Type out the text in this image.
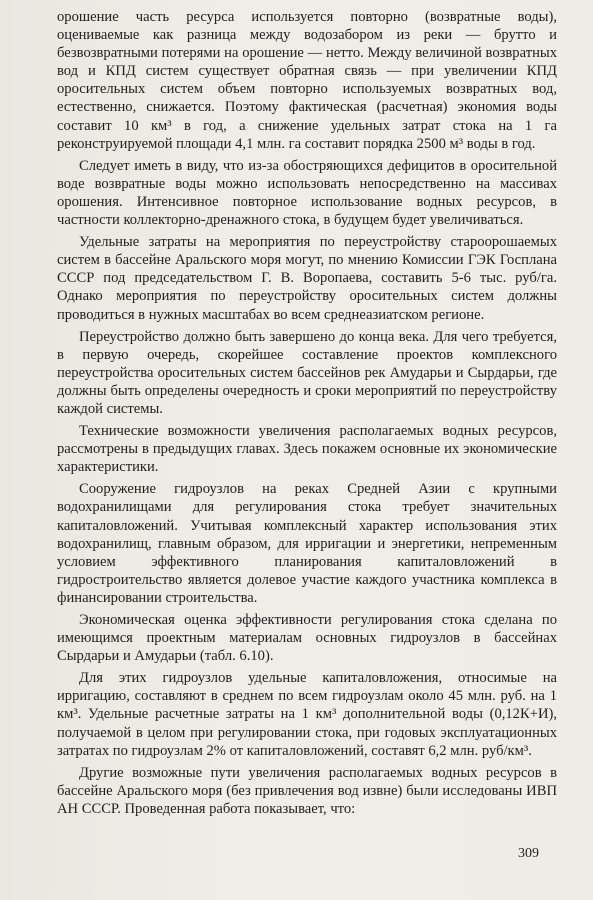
орошение часть ресурса используется повторно (возвратные воды), оцениваемые как разница между водозабором из реки — брутто и безвозвратными потерями на орошение — нетто. Между величиной возвратных вод и КПД систем существует обратная связь — при увеличении КПД оросительных систем объем повторно используемых возвратных вод, естественно, снижается. Поэтому фактическая (расчетная) экономия воды составит 10 км³ в год, а снижение удельных затрат стока на 1 га реконструируемой площади 4,1 млн. га составит порядка 2500 м³ воды в год.

Следует иметь в виду, что из-за обостряющихся дефицитов в оросительной воде возвратные воды можно использовать непосредственно на массивах орошения. Интенсивное повторное использование водных ресурсов, в частности коллекторно-дренажного стока, в будущем будет увеличиваться.

Удельные затраты на мероприятия по переустройству староорошаемых систем в бассейне Аральского моря могут, по мнению Комиссии ГЭК Госплана СССР под председательством Г. В. Воропаева, составить 5-6 тыс. руб/га. Однако мероприятия по переустройству оросительных систем должны проводиться в нужных масштабах во всем среднеазиатском регионе.

Переустройство должно быть завершено до конца века. Для чего требуется, в первую очередь, скорейшее составление проектов комплексного переустройства оросительных систем бассейнов рек Амударьи и Сырдарьи, где должны быть определены очередность и сроки мероприятий по переустройству каждой системы.

Технические возможности увеличения располагаемых водных ресурсов, рассмотрены в предыдущих главах. Здесь покажем основные их экономические характеристики.

Сооружение гидроузлов на реках Средней Азии с крупными водохранилищами для регулирования стока требует значительных капиталовложений. Учитывая комплексный характер использования этих водохранилищ, главным образом, для ирригации и энергетики, непременным условием эффективного планирования капиталовложений в гидростроительство является долевое участие каждого участника комплекса в финансировании строительства.

Экономическая оценка эффективности регулирования стока сделана по имеющимся проектным материалам основных гидроузлов в бассейнах Сырдарьи и Амударьи (табл. 6.10).

Для этих гидроузлов удельные капиталовложения, относимые на ирригацию, составляют в среднем по всем гидроузлам около 45 млн. руб. на 1 км³. Удельные расчетные затраты на 1 км³ дополнительной воды (0,12К+И), получаемой в целом при регулировании стока, при годовых эксплуатационных затратах по гидроузлам 2% от капиталовложений, составят 6,2 млн. руб/км³.

Другие возможные пути увеличения располагаемых водных ресурсов в бассейне Аральского моря (без привлечения вод извне) были исследованы ИВП АН СССР. Проведенная работа показывает, что:

309
